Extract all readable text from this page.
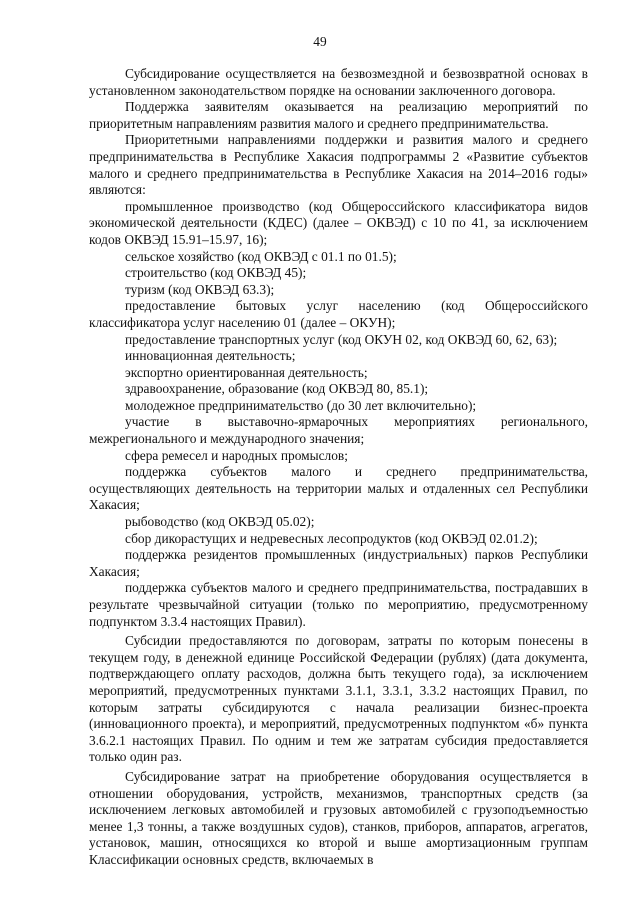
49

Субсидирование осуществляется на безвозмездной и безвозвратной основах в установленном законодательством порядке на основании заключенного договора.

Поддержка заявителям оказывается на реализацию мероприятий по приоритетным направлениям развития малого и среднего предпринимательства.

Приоритетными направлениями поддержки и развития малого и среднего предпринимательства в Республике Хакасия подпрограммы 2 «Развитие субъектов малого и среднего предпринимательства в Республике Хакасия на 2014–2016 годы» являются:

промышленное производство (код Общероссийского классификатора видов экономической деятельности (КДЕС) (далее – ОКВЭД) с 10 по 41, за исключением кодов ОКВЭД 15.91–15.97, 16);

сельское хозяйство (код ОКВЭД с 01.1 по 01.5);

строительство (код ОКВЭД 45);

туризм (код ОКВЭД 63.3);

предоставление бытовых услуг населению (код Общероссийского классификатора услуг населению 01 (далее – ОКУН);

предоставление транспортных услуг (код ОКУН 02, код ОКВЭД 60, 62, 63);

инновационная деятельность;

экспортно ориентированная деятельность;

здравоохранение, образование (код ОКВЭД 80, 85.1);

молодежное предпринимательство (до 30 лет включительно);

участие в выставочно-ярмарочных мероприятиях регионального, межрегионального и международного значения;

сфера ремесел и народных промыслов;

поддержка субъектов малого и среднего предпринимательства, осуществляющих деятельность на территории малых и отдаленных сел Республики Хакасия;

рыбоводство (код ОКВЭД 05.02);

сбор дикорастущих и недревесных лесопродуктов (код ОКВЭД 02.01.2);

поддержка резидентов промышленных (индустриальных) парков Республики Хакасия;

поддержка субъектов малого и среднего предпринимательства, пострадавших в результате чрезвычайной ситуации (только по мероприятию, предусмотренному подпунктом 3.3.4 настоящих Правил).

Субсидии предоставляются по договорам, затраты по которым понесены в текущем году, в денежной единице Российской Федерации (рублях) (дата документа, подтверждающего оплату расходов, должна быть текущего года), за исключением мероприятий, предусмотренных пунктами 3.1.1, 3.3.1, 3.3.2 настоящих Правил, по которым затраты субсидируются с начала реализации бизнес-проекта (инновационного проекта), и мероприятий, предусмотренных подпунктом «б» пункта 3.6.2.1 настоящих Правил. По одним и тем же затратам субсидия предоставляется только один раз.

Субсидирование затрат на приобретение оборудования осуществляется в отношении оборудования, устройств, механизмов, транспортных средств (за исключением легковых автомобилей и грузовых автомобилей с грузоподъемностью менее 1,3 тонны, а также воздушных судов), станков, приборов, аппаратов, агрегатов, установок, машин, относящихся ко второй и выше амортизационным группам Классификации основных средств, включаемых в
